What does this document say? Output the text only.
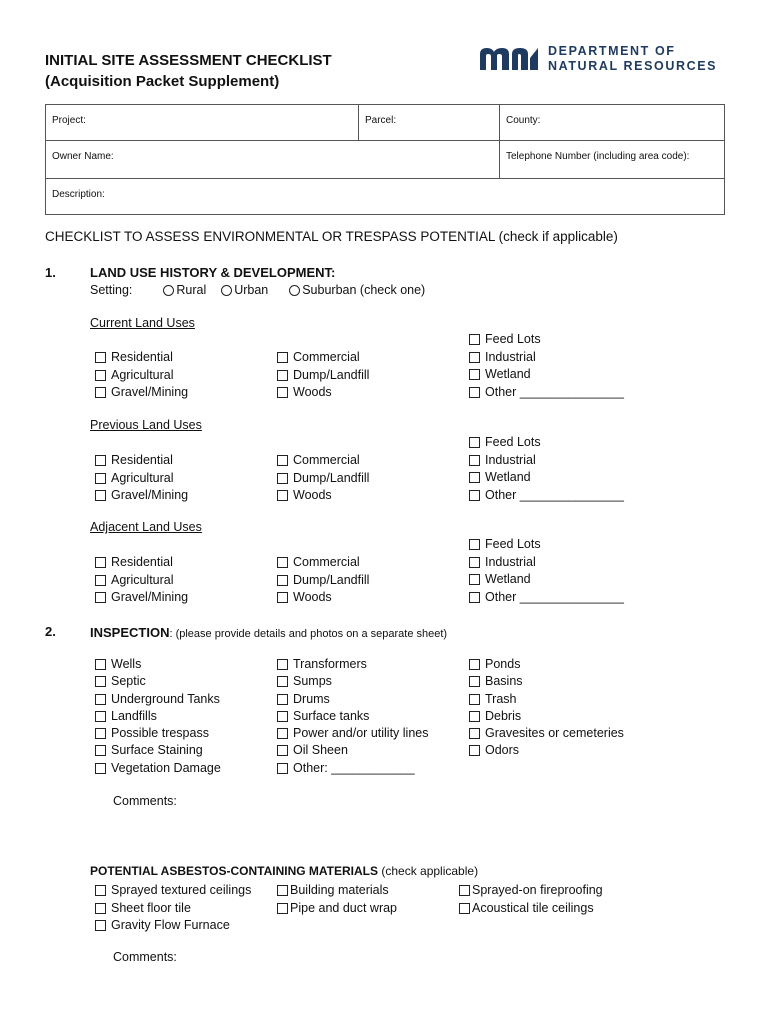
INITIAL SITE ASSESSMENT CHECKLIST
(Acquisition Packet Supplement)
DEPARTMENT OF
NATURAL RESOURCES
Project:	Parcel:	County:
Owner Name:		Telephone Number (including area code):
Description:		
CHECKLIST TO ASSESS ENVIRONMENTAL OR TRESPASS POTENTIAL (check if applicable)
1.	LAND USE HISTORY & DEVELOPMENT:
Setting:	Rural Urban	Suburban (check one)
Current Land Uses
Residential
Agricultural
Gravel/Mining
Commercial
Dump/Landfill
Woods
Feed Lots
Industrial
Wetland
Other _______________
Previous Land Uses
Residential
Agricultural
Gravel/Mining
Commercial
Dump/Landfill
Woods
Feed Lots
Industrial
Wetland
Other _______________
Adjacent Land Uses
Residential
Agricultural
Gravel/Mining
Commercial
Dump/Landfill
Woods
Feed Lots
Industrial
Wetland
Other _______________
2.	INSPECTION: (please provide details and photos on a separate sheet)
Wells
Septic
Underground Tanks
Landfills
Possible trespass
Surface Staining
Vegetation Damage
Transformers
Sumps
Drums
Surface tanks
Power and/or utility lines
Oil Sheen
Other: ____________
Ponds
Basins
Trash
Debris
Gravesites or cemeteries
Odors
Comments:
POTENTIAL ASBESTOS-CONTAINING MATERIALS (check applicable)
Sprayed textured ceilings
Sheet floor tile
Gravity Flow Furnace
Building materials
Pipe and duct wrap
Sprayed-on fireproofing
Acoustical tile ceilings
Comments:
